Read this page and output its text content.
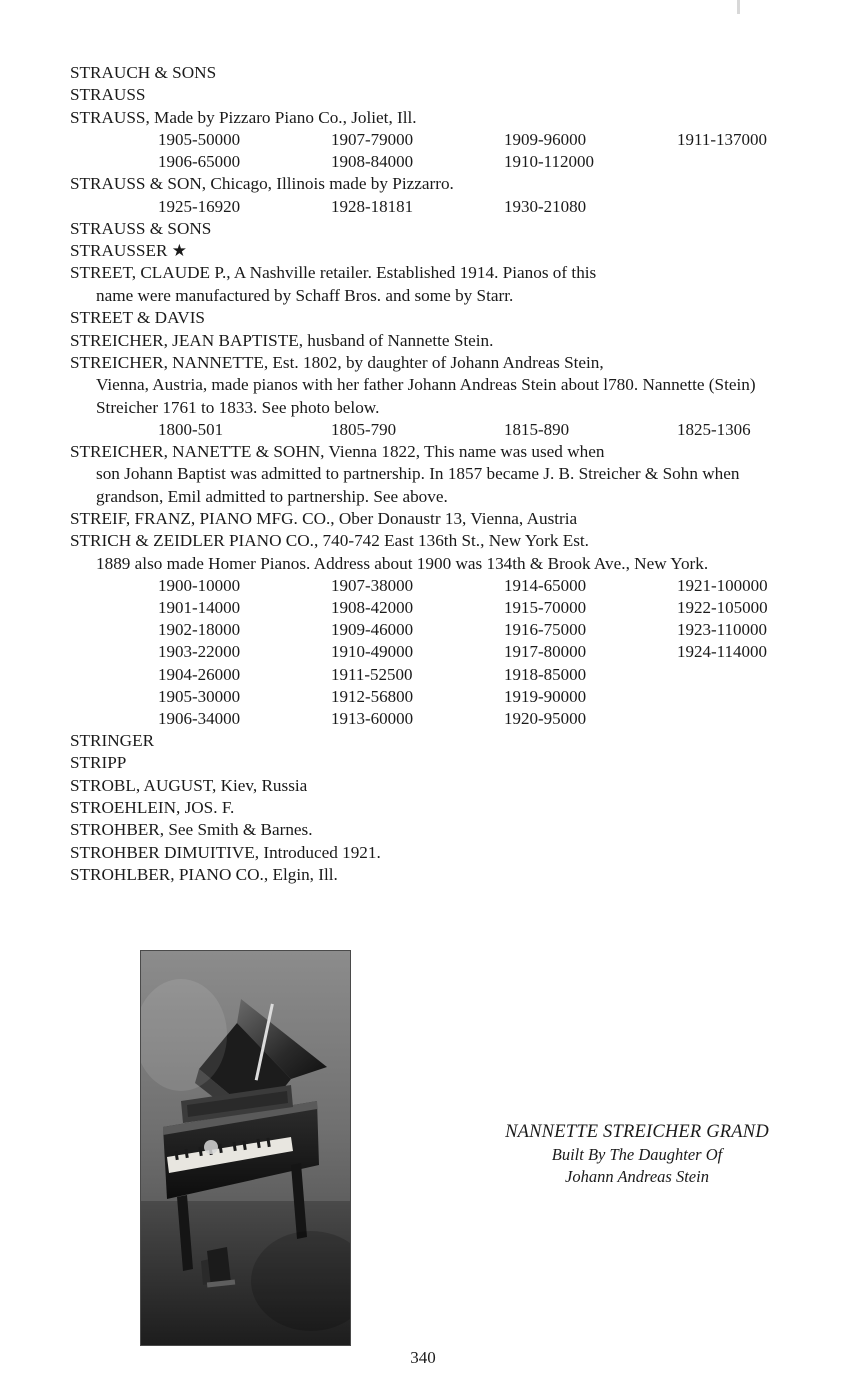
STRAUCH & SONS
STRAUSS
STRAUSS, Made by Pizzaro Piano Co., Joliet, Ill.
1905-50000	1907-79000	1909-96000	1911-137000
1906-65000	1908-84000	1910-112000
STRAUSS & SON, Chicago, Illinois made by Pizzarro.
1925-16920	1928-18181	1930-21080
STRAUSS & SONS
STRAUSSER ★
STREET, CLAUDE P., A Nashville retailer. Established 1914. Pianos of this
name were manufactured by Schaff Bros. and some by Starr.
STREET & DAVIS
STREICHER, JEAN BAPTISTE, husband of Nannette Stein.
STREICHER, NANNETTE, Est. 1802, by daughter of Johann Andreas Stein,
Vienna, Austria, made pianos with her father Johann Andreas Stein about l780. Nannette (Stein) Streicher 1761 to 1833. See photo below.
1800-501	1805-790	1815-890	1825-1306
STREICHER, NANETTE & SOHN, Vienna 1822, This name was used when
son Johann Baptist was admitted to partnership. In 1857 became J. B. Streicher & Sohn when grandson, Emil admitted to partnership. See above.
STREIF, FRANZ, PIANO MFG. CO., Ober Donaustr 13, Vienna, Austria
STRICH & ZEIDLER PIANO CO., 740-742 East 136th St., New York Est.
1889 also made Homer Pianos. Address about 1900 was 134th & Brook Ave., New York.
1900-10000	1907-38000	1914-65000	1921-100000
1901-14000	1908-42000	1915-70000	1922-105000
1902-18000	1909-46000	1916-75000	1923-110000
1903-22000	1910-49000	1917-80000	1924-114000
1904-26000	1911-52500	1918-85000
1905-30000	1912-56800	1919-90000
1906-34000	1913-60000	1920-95000
STRINGER
STRIPP
STROBL, AUGUST, Kiev, Russia
STROEHLEIN, JOS. F.
STROHBER, See Smith & Barnes.
STROHBER DIMUITIVE, Introduced 1921.
STROHLBER, PIANO CO., Elgin, Ill.
NANNETTE STREICHER GRAND
Built By The Daughter Of
Johann Andreas Stein
340
